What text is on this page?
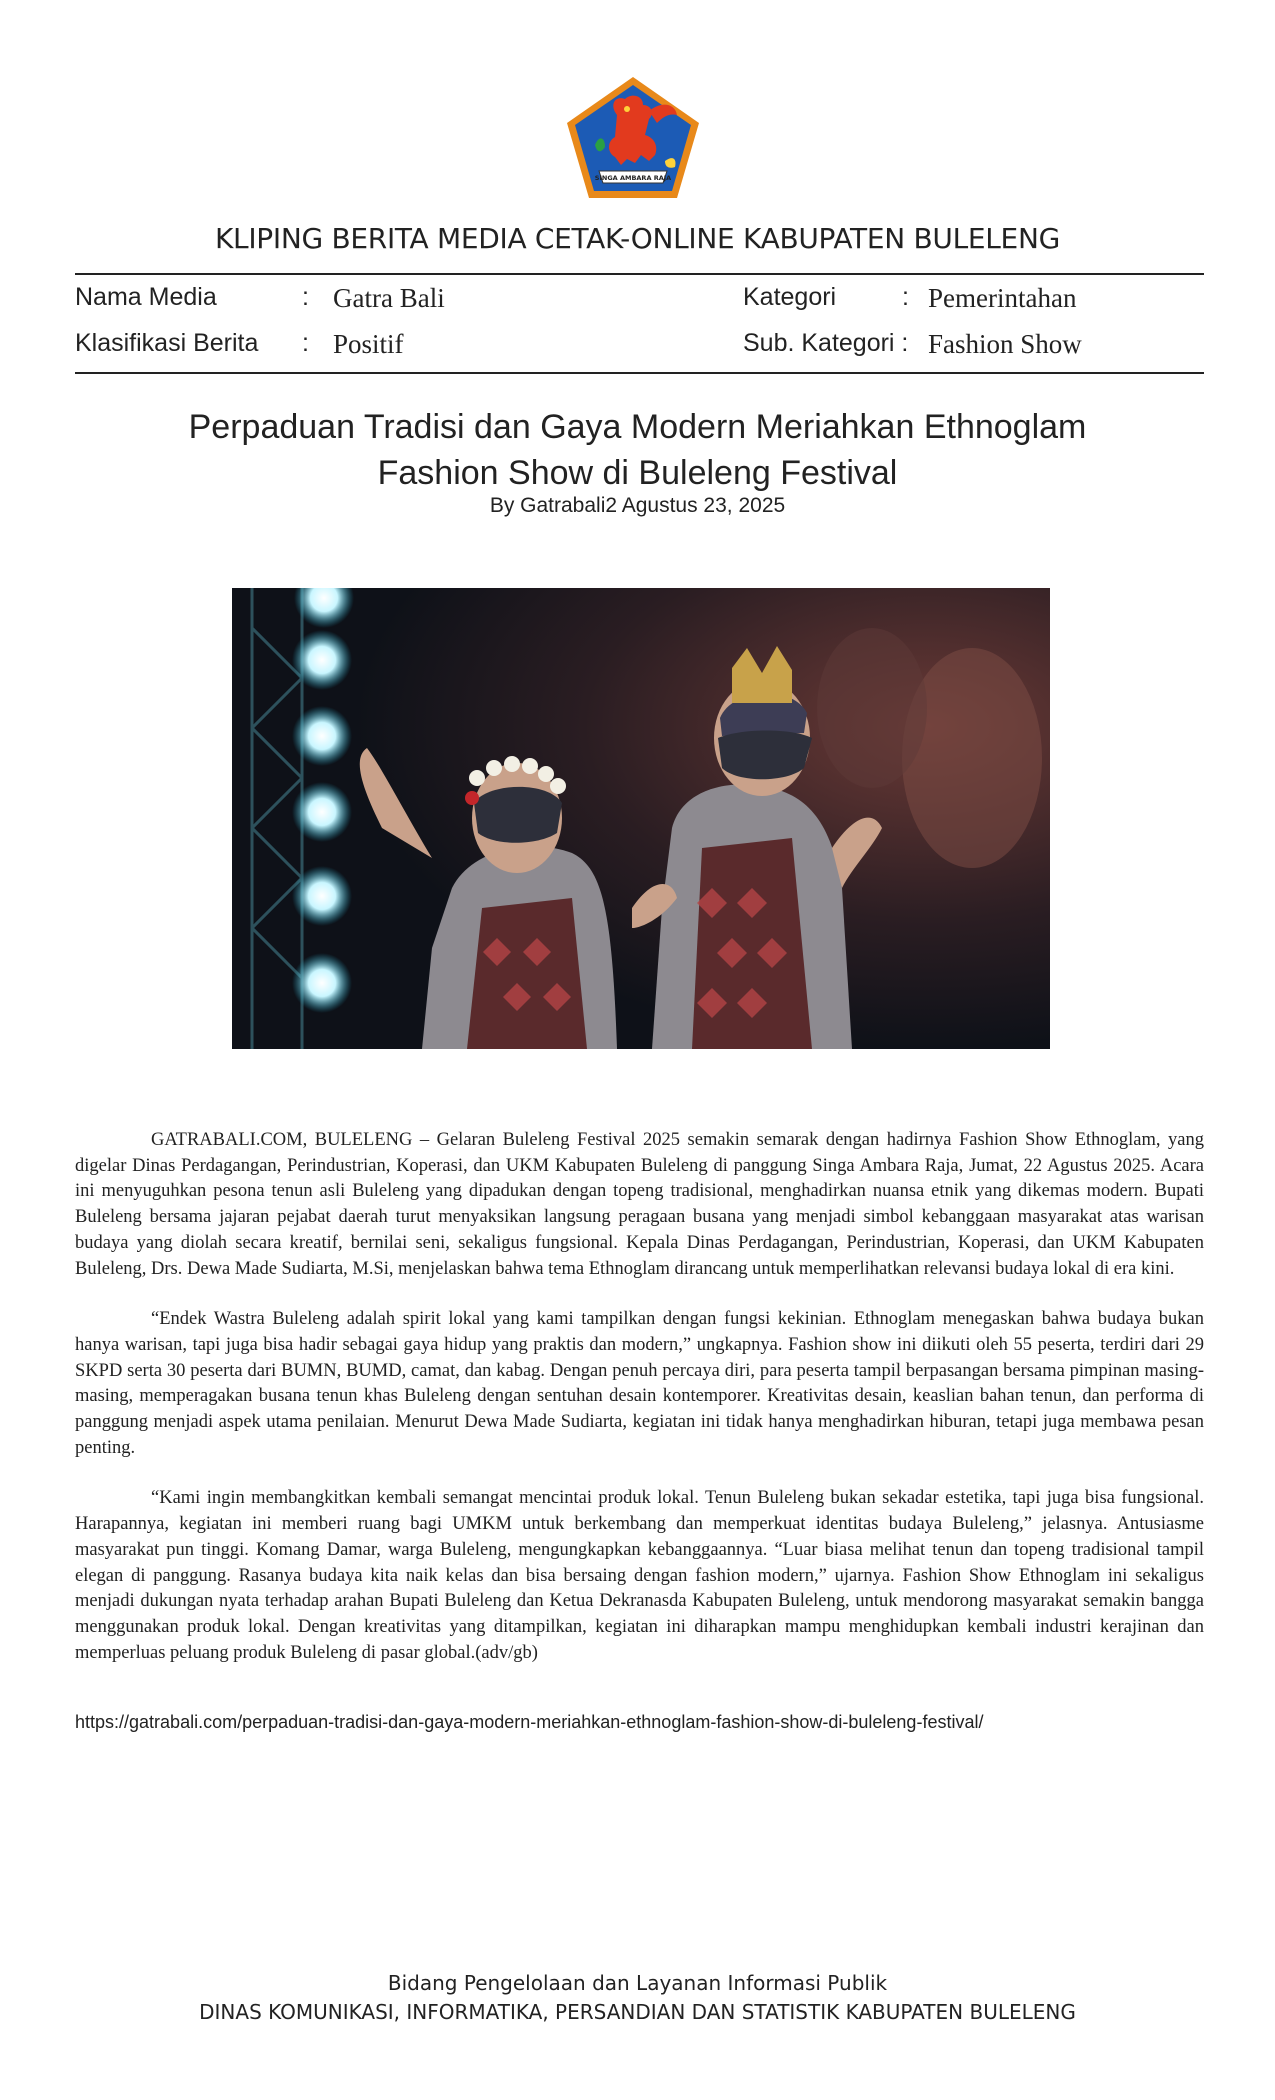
SINGA AMBARA RAJA
KLIPING BERITA MEDIA CETAK-ONLINE KABUPATEN BULELENG
Nama Media	: Gatra Bali	Kategori	: Pemerintahan
Klasifikasi Berita : Positif	Sub. Kategori : Fashion Show
Perpaduan Tradisi dan Gaya Modern Meriahkan Ethnoglam
Fashion Show di Buleleng Festival
By Gatrabali2 Agustus 23, 2025

GATRABALI.COM, BULELENG – Gelaran Buleleng Festival 2025 semakin semarak dengan hadirnya Fashion Show Ethnoglam, yang digelar Dinas Perdagangan, Perindustrian, Koperasi, dan UKM Kabupaten Buleleng di panggung Singa Ambara Raja, Jumat, 22 Agustus 2025. Acara ini menyuguhkan pesona tenun asli Buleleng yang dipadukan dengan topeng tradisional, menghadirkan nuansa etnik yang dikemas modern. Bupati Buleleng bersama jajaran pejabat daerah turut menyaksikan langsung peragaan busana yang menjadi simbol kebanggaan masyarakat atas warisan budaya yang diolah secara kreatif, bernilai seni, sekaligus fungsional. Kepala Dinas Perdagangan, Perindustrian, Koperasi, dan UKM Kabupaten Buleleng, Drs. Dewa Made Sudiarta, M.Si, menjelaskan bahwa tema Ethnoglam dirancang untuk memperlihatkan relevansi budaya lokal di era kini.

“Endek Wastra Buleleng adalah spirit lokal yang kami tampilkan dengan fungsi kekinian. Ethnoglam menegaskan bahwa budaya bukan hanya warisan, tapi juga bisa hadir sebagai gaya hidup yang praktis dan modern,” ungkapnya. Fashion show ini diikuti oleh 55 peserta, terdiri dari 29 SKPD serta 30 peserta dari BUMN, BUMD, camat, dan kabag. Dengan penuh percaya diri, para peserta tampil berpasangan bersama pimpinan masing-masing, memperagakan busana tenun khas Buleleng dengan sentuhan desain kontemporer. Kreativitas desain, keaslian bahan tenun, dan performa di panggung menjadi aspek utama penilaian. Menurut Dewa Made Sudiarta, kegiatan ini tidak hanya menghadirkan hiburan, tetapi juga membawa pesan penting.

“Kami ingin membangkitkan kembali semangat mencintai produk lokal. Tenun Buleleng bukan sekadar estetika, tapi juga bisa fungsional. Harapannya, kegiatan ini memberi ruang bagi UMKM untuk berkembang dan memperkuat identitas budaya Buleleng,” jelasnya. Antusiasme masyarakat pun tinggi. Komang Damar, warga Buleleng, mengungkapkan kebanggaannya. “Luar biasa melihat tenun dan topeng tradisional tampil elegan di panggung. Rasanya budaya kita naik kelas dan bisa bersaing dengan fashion modern,” ujarnya. Fashion Show Ethnoglam ini sekaligus menjadi dukungan nyata terhadap arahan Bupati Buleleng dan Ketua Dekranasda Kabupaten Buleleng, untuk mendorong masyarakat semakin bangga menggunakan produk lokal. Dengan kreativitas yang ditampilkan, kegiatan ini diharapkan mampu menghidupkan kembali industri kerajinan dan memperluas peluang produk Buleleng di pasar global.(adv/gb)

https://gatrabali.com/perpaduan-tradisi-dan-gaya-modern-meriahkan-ethnoglam-fashion-show-di-buleleng-festival/
Bidang Pengelolaan dan Layanan Informasi Publik
DINAS KOMUNIKASI, INFORMATIKA, PERSANDIAN DAN STATISTIK KABUPATEN BULELENG
